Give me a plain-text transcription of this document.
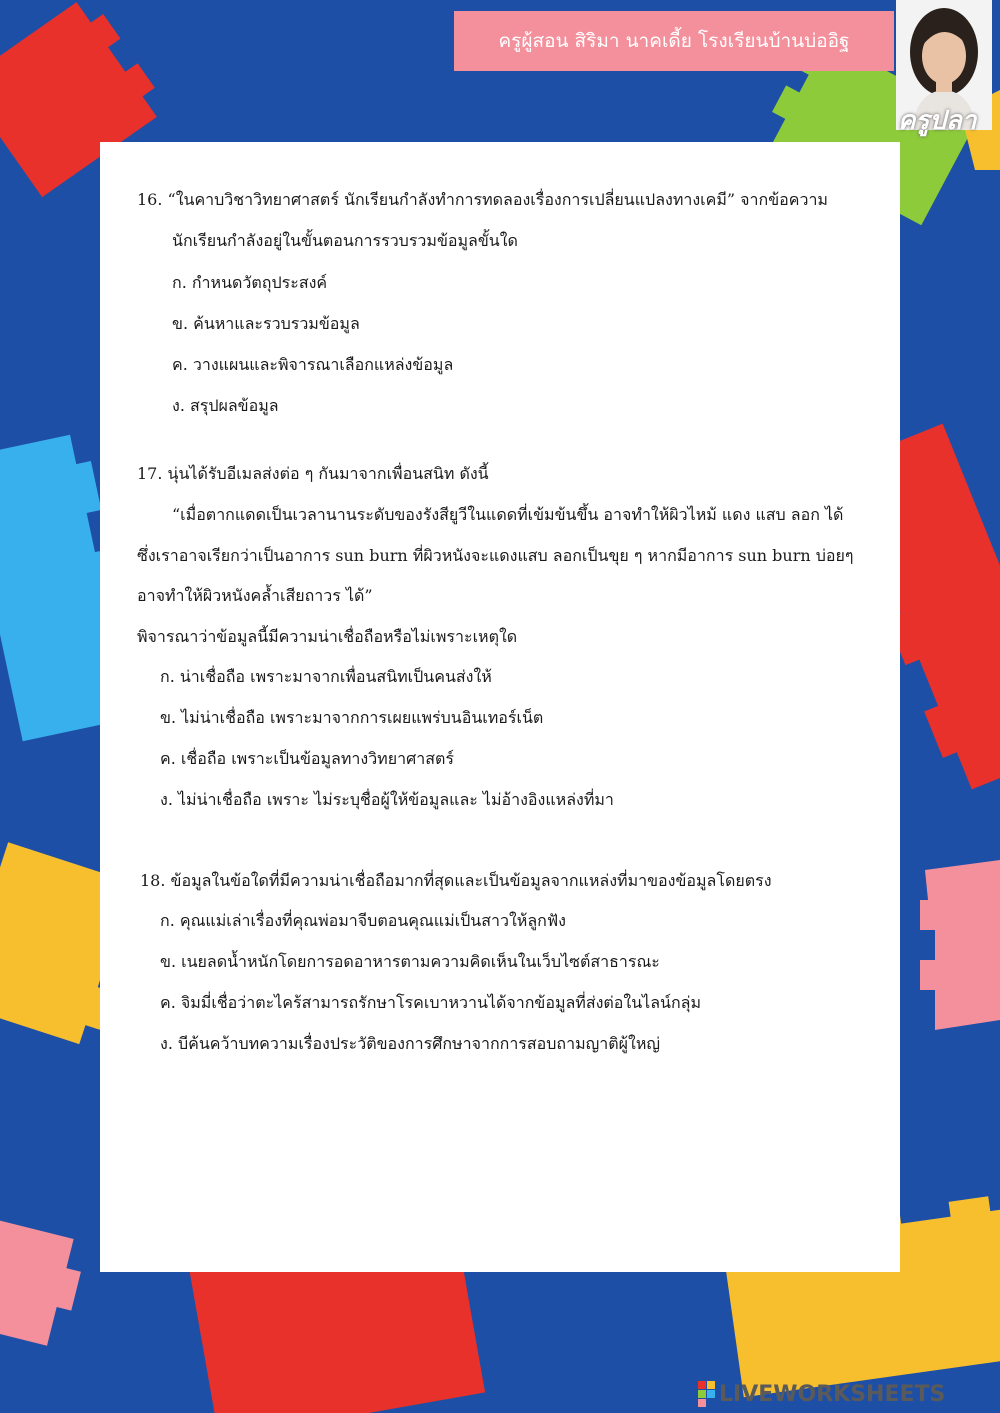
ครูผู้สอน สิริมา นาคเดี้ย โรงเรียนบ้านบ่ออิฐ
ครูปลา
16. “ในคาบวิชาวิทยาศาสตร์ นักเรียนกำลังทำการทดลองเรื่องการเปลี่ยนแปลงทางเคมี” จากข้อความ
นักเรียนกำลังอยู่ในขั้นตอนการรวบรวมข้อมูลขั้นใด
ก. กำหนดวัตถุประสงค์
ข. ค้นหาและรวบรวมข้อมูล
ค. วางแผนและพิจารณาเลือกแหล่งข้อมูล
ง. สรุปผลข้อมูล
17. นุ่นได้รับอีเมลส่งต่อ ๆ กันมาจากเพื่อนสนิท ดังนี้
“เมื่อตากแดดเป็นเวลานานระดับของรังสียูวีในแดดที่เข้มข้นขึ้น อาจทำให้ผิวไหม้ แดง แสบ ลอก ได้
ซึ่งเราอาจเรียกว่าเป็นอาการ sun burn ที่ผิวหนังจะแดงแสบ ลอกเป็นขุย ๆ หากมีอาการ sun burn บ่อยๆ
อาจทำให้ผิวหนังคล้ำเสียถาวร ได้”
พิจารณาว่าข้อมูลนี้มีความน่าเชื่อถือหรือไม่เพราะเหตุใด
ก. น่าเชื่อถือ เพราะมาจากเพื่อนสนิทเป็นคนส่งให้
ข. ไม่น่าเชื่อถือ เพราะมาจากการเผยแพร่บนอินเทอร์เน็ต
ค. เชื่อถือ เพราะเป็นข้อมูลทางวิทยาศาสตร์
ง. ไม่น่าเชื่อถือ เพราะ ไม่ระบุชื่อผู้ให้ข้อมูลและ ไม่อ้างอิงแหล่งที่มา
18. ข้อมูลในข้อใดที่มีความน่าเชื่อถือมากที่สุดและเป็นข้อมูลจากแหล่งที่มาของข้อมูลโดยตรง
ก. คุณแม่เล่าเรื่องที่คุณพ่อมาจีบตอนคุณแม่เป็นสาวให้ลูกฟัง
ข. เนยลดน้ำหนักโดยการอดอาหารตามความคิดเห็นในเว็บไซต์สาธารณะ
ค. จิมมี่เชื่อว่าตะไคร้สามารถรักษาโรคเบาหวานได้จากข้อมูลที่ส่งต่อในไลน์กลุ่ม
ง. บีค้นคว้าบทความเรื่องประวัติของการศึกษาจากการสอบถามญาติผู้ใหญ่
LIVEWORKSHEETS
